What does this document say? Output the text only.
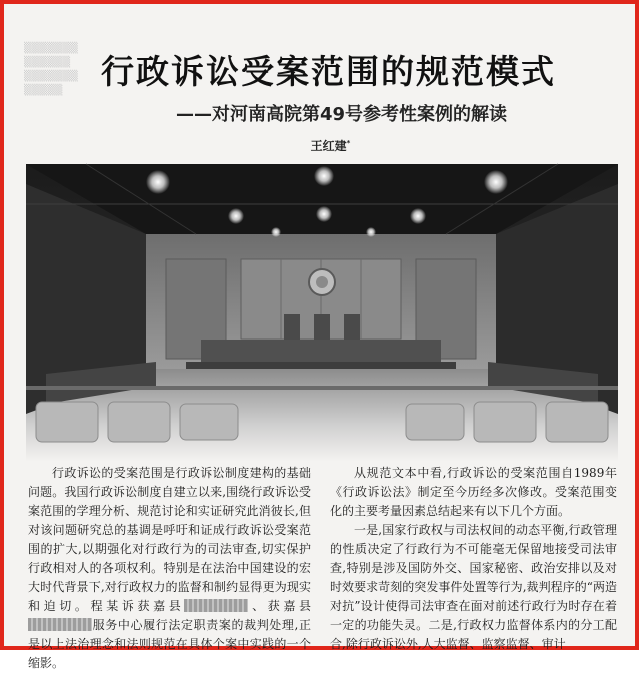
▒▒▒▒▒▒▒
▒▒▒▒▒▒
▒▒▒▒▒▒▒
▒▒▒▒▒	行政诉讼受案范围的规范模式
——对河南高院第49号参考性案例的解读
王红建*

行政诉讼的受案范围是行政诉讼制度建构的基础问题。我国行政诉讼制度自建立以来,围绕行政诉讼受案范围的学理分析、规范讨论和实证研究此消彼长,但对该问题研究总的基调是呼吁和证成行政诉讼受案范围的扩大,以期强化对行政行为的司法审查,切实保护行政相对人的各项权利。特别是在法治中国建设的宏大时代背景下,对行政权力的监督和制约显得更为现实和迫切。程某诉获嘉县	、获嘉县服务中心履行法定职责案的裁判处理,正是以上法治理念和法则规范在具体个案中实践的一个缩影。

从规范文本中看,行政诉讼的受案范围自1989年《行政诉讼法》制定至今历经多次修改。受案范围变化的主要考量因素总结起来有以下几个方面。

一是,国家行政权与司法权间的动态平衡,行政管理的性质决定了行政行为不可能毫无保留地接受司法审查,特别是涉及国防外交、国家秘密、政治安排以及对时效要求苛刻的突发事件处置等行为,裁判程序的“两造对抗”设计使得司法审查在面对前述行政行为时存在着一定的功能失灵。二是,行政权力监督体系内的分工配合,除行政诉讼外,人大监督、监察监督、审计
